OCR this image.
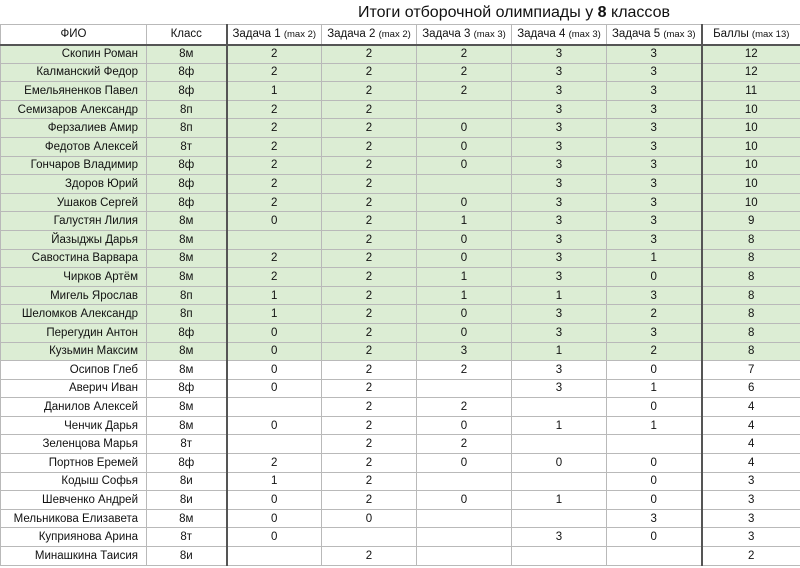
Итоги отборочной олимпиады у 8 классов
ФИО	Класс	Задача 1 (max 2)	Задача 2 (max 2)	Задача 3 (max 3)	Задача 4 (max 3)	Задача 5 (max 3)	Баллы (max 13)
Скопин Роман	8м	2	2	2	3	3	12
Калманский Федор	8ф	2	2	2	3	3	12
Емельяненков Павел	8ф	1	2	2	3	3	11
Семизаров Александр	8п	2	2		3	3	10
Ферзалиев Амир	8п	2	2	0	3	3	10
Федотов Алексей	8т	2	2	0	3	3	10
Гончаров Владимир	8ф	2	2	0	3	3	10
Здоров Юрий	8ф	2	2		3	3	10
Ушаков Сергей	8ф	2	2	0	3	3	10
Галустян Лилия	8м	0	2	1	3	3	9
Йазыджы Дарья	8м		2	0	3	3	8
Савостина Варвара	8м	2	2	0	3	1	8
Чирков Артём	8м	2	2	1	3	0	8
Мигель Ярослав	8п	1	2	1	1	3	8
Шеломков Александр	8п	1	2	0	3	2	8
Перегудин Антон	8ф	0	2	0	3	3	8
Кузьмин Максим	8м	0	2	3	1	2	8
Осипов Глеб	8м	0	2	2	3	0	7
Аверич Иван	8ф	0	2		3	1	6
Данилов Алексей	8м		2	2		0	4
Ченчик Дарья	8м	0	2	0	1	1	4
Зеленцова Марья	8т		2	2			4
Портнов Еремей	8ф	2	2	0	0	0	4
Кодыш Софья	8и	1	2			0	3
Шевченко Андрей	8и	0	2	0	1	0	3
Мельникова Елизавета	8м	0	0			3	3
Куприянова Арина	8т	0			3	0	3
Минашкина Таисия	8и		2				2
